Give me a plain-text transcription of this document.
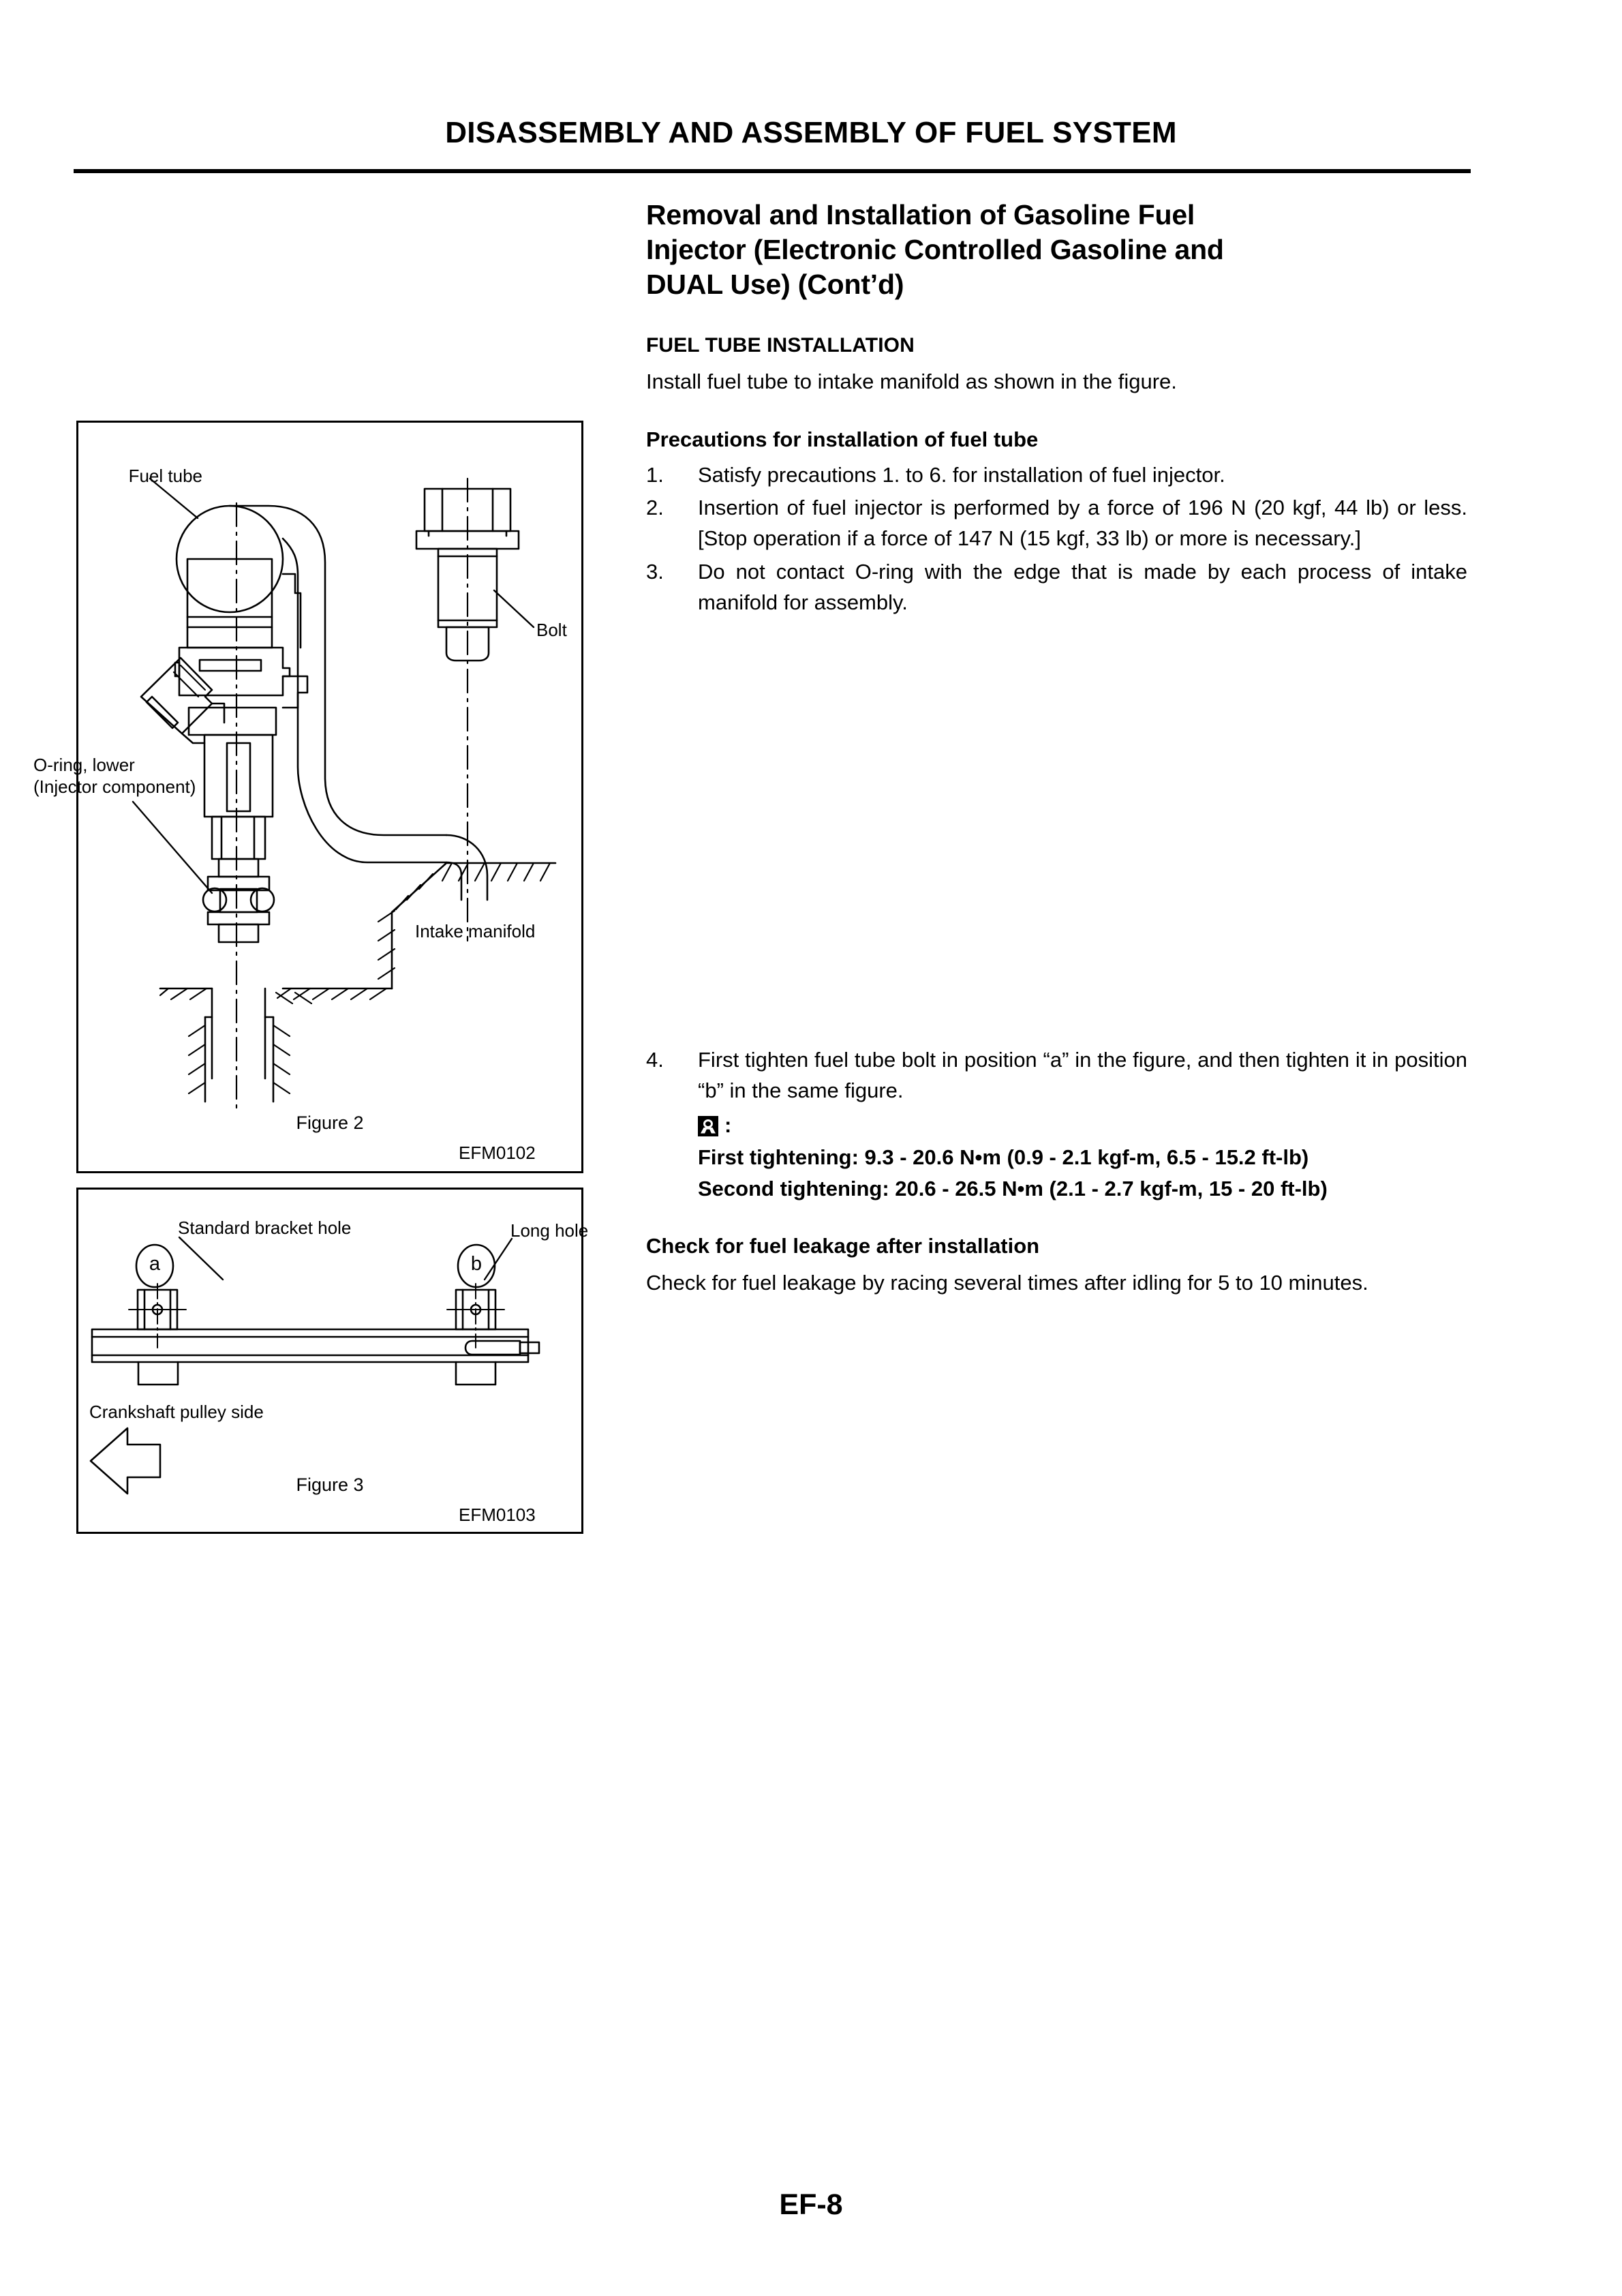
DISASSEMBLY AND ASSEMBLY OF FUEL SYSTEM
Fuel tube
Bolt
O-ring, lower
(Injector component)
Intake manifold
Figure 2
EFM0102
Standard bracket hole	Long hole
a	b
Crankshaft pulley side
Figure 3
EFM0103
Removal and Installation of Gasoline Fuel
Injector (Electronic Controlled Gasoline and
DUAL Use) (Cont’d)
FUEL TUBE INSTALLATION
Install fuel tube to intake manifold as shown in the figure.
Precautions for installation of fuel tube
1.	Satisfy precautions 1. to 6. for installation of fuel injector.
2.	Insertion of fuel injector is performed by a force of 196 N (20 kgf, 44 lb) or less. [Stop operation if a force of 147 N (15 kgf, 33 lb) or more is necessary.]
3.	Do not contact O-ring with the edge that is made by each process of intake manifold for assembly.
4.	First tighten fuel tube bolt in position “a” in the figure, and then tighten it in position “b” in the same figure.
:
First tightening: 9.3 - 20.6 N•m (0.9 - 2.1 kgf-m, 6.5 - 15.2 ft-lb)
Second tightening: 20.6 - 26.5 N•m (2.1 - 2.7 kgf-m, 15 - 20 ft-lb)
Check for fuel leakage after installation
Check for fuel leakage by racing several times after idling for 5 to 10 minutes.
EF-8
